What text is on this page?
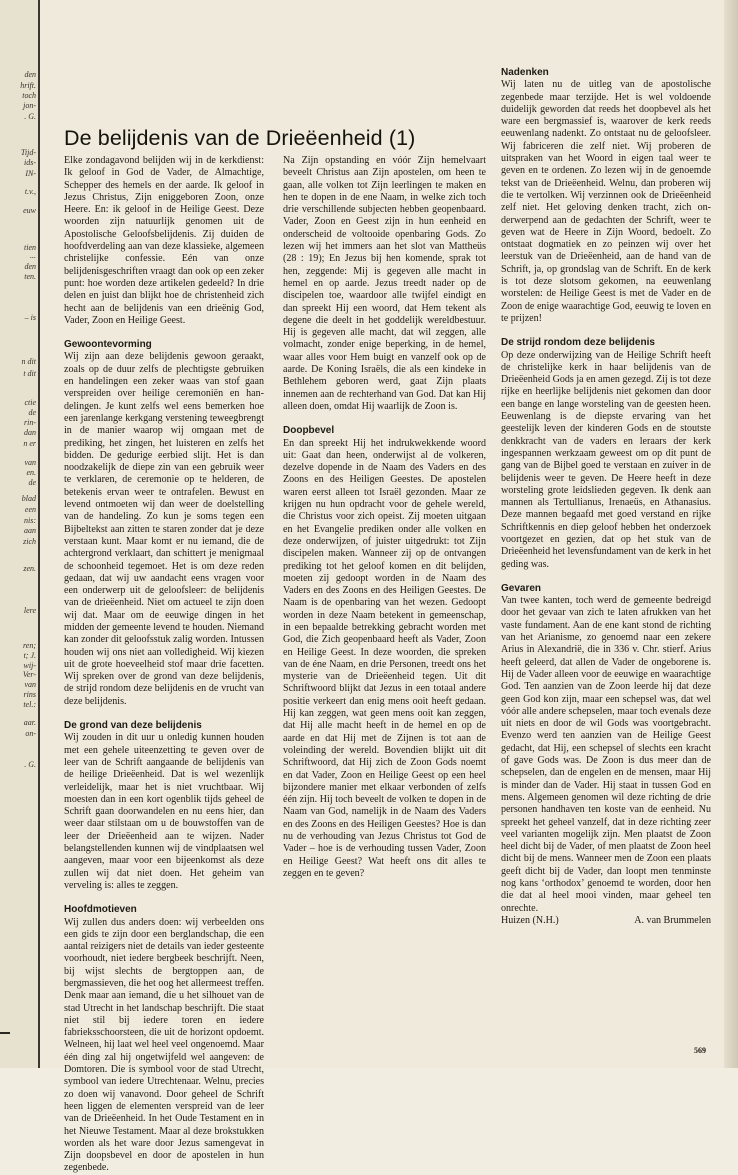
den
hrift.
toch
jon-
. G.
Tijd-
ids-
IN-
t.v.,
euw
tien
...
den
ten.
– is
n dit
t dit
ctie
de
rin-
dan
n er
van
en.
de
blad
een
nis:
aan
zich
zen.
lere
ren;
t; J.
wij-
Ver-
van
rins
tel.:
aar.
on-
. G.
De belijdenis van de Drieëenheid (1)

Elke zondagavond belijden wij in de kerkdienst: Ik geloof in God de Vader, de Almachtige, Schepper des hemels en der aarde. Ik geloof in Jezus Christus, Zijn eniggeboren Zoon, onze Heere. En: ik geloof in de Heilige Geest. Deze woorden zijn natuurlijk genomen uit de Apostolische Geloofsbelijdenis. Zij duiden de hoofdverdeling aan van deze klassieke, algemeen christelijke confessie. Eén van onze belijdenisgeschriften vraagt dan ook op een zeker punt: hoe worden deze artikelen gedeeld? In drie delen en juist dan blijkt hoe de christenheid zich hecht aan de belijdenis van een drieënig God, Vader, Zoon en Heilige Geest.

Gewoontevorming

Wij zijn aan deze belijdenis gewoon geraakt, zoals op de duur zelfs de plechtigste gebruiken en handelingen een zeker waas van stof gaan verspreiden over heilige ceremoniën en handelingen. Je kunt zelfs wel eens bemerken hoe een jarenlange kerkgang verstening teweegbrengt in de manier waarop wij omgaan met de prediking, het zingen, het luisteren en zelfs het bidden. De gedurige eerbied slijt. Het is dan noodzakelijk de diepe zin van een gebruik weer te verklaren, de ceremonie op te helderen, de betekenis ervan weer te ontrafelen. Bewust en levend ontmoeten wij dan weer de doelstelling van de handeling. Zo kun je soms tegen een Bijbeltekst aan zitten te staren zonder dat je deze verstaan kunt. Maar komt er nu iemand, die de achtergrond verklaart, dan schittert je menigmaal de schoonheid tegemoet. Het is om deze reden gedaan, dat wij uw aandacht eens vragen voor een onderwerp uit de geloofsleer: de belijdenis van de drieëenheid. Niet om actueel te zijn doen wij dat. Maar om de eeuwige dingen in het midden der gemeente levend te houden. Niemand kan zonder dit geloofsstuk zalig worden. Intussen houden wij ons niet aan volledigheid. Wij kiezen uit de grote hoeveelheid stof maar drie facetten. Wij spreken over de grond van deze belijdenis, de strijd rondom deze belijdenis en de vrucht van deze belijdenis.

De grond van deze belijdenis

Wij zouden in dit uur u onledig kunnen houden met een gehele uiteenzetting te geven over de leer van de Schrift aangaande de belijdenis van de heilige Drieëenheid. Dat is wel wezenlijk verleidelijk, maar het is niet vruchtbaar. Wij moesten dan in een kort ogenblik tijds geheel de Schrift gaan doorwandelen en nu eens hier, dan weer daar stilstaan om u de bouwstoffen van de leer der Drieëenheid aan te wijzen. Nader belangstellenden kunnen wij de vindplaatsen wel aangeven, maar voor een bijeenkomst als deze zullen wij dat niet doen. Het geheim van verveling is: alles te zeggen.

Hoofdmotieven

Wij zullen dus anders doen: wij verbeelden ons een gids te zijn door een berglandschap, die een aantal reizigers niet de details van ieder gesteente voorhoudt, niet iedere bergbeek beschrijft. Neen, bij wijst slechts de bergtoppen aan, de bergmassieven, die het oog het allermeest treffen. Denk maar aan iemand, die u het silhouet van de stad Utrecht in het landschap beschrijft. Die staat niet stil bij iedere toren en iedere fabrieksschoorsteen, die uit de horizont opdoemt. Welneen, hij laat wel heel veel ongenoemd. Maar één ding zal hij ongetwijfeld wel aangeven: de Domtoren. Die is symbool voor de stad Utrecht, symbool van iedere Utrechtenaar. Welnu, precies zo doen wij vanavond. Door geheel de Schrift heen liggen de elementen verspreid van de leer van de Drieëenheid. In het Oude Testament en in het Nieuwe Testament. Maar al deze brokstukken worden als het ware door Jezus samengevat in Zijn doopsbevel en door de apostelen in hun zegenbede.

Na Zijn opstanding en vóór Zijn hemelvaart beveelt Christus aan Zijn apostelen, om heen te gaan, alle volken tot Zijn leerlingen te maken en hen te dopen in de ene Naam, in welke zich toch drie verschillende subjecten hebben geopenbaard. Vader, Zoon en Geest zijn in hun eenheid en onderscheid de voltooide openbaring Gods. Zo lezen wij het immers aan het slot van Mattheüs (28 : 19); En Jezus bij hen komende, sprak tot hen, zeggende: Mij is gegeven alle macht in hemel en op aarde. Jezus treedt nader op de discipelen toe, waardoor alle twijfel eindigt en dan spreekt Hij een woord, dat Hem tekent als degene die deelt in het goddelijk wereldbestuur. Hij is gegeven alle macht, dat wil zeggen, alle volmacht, zonder enige beperking, in de hemel, waar alles voor Hem buigt en vanzelf ook op de aarde. De Koning Israëls, die als een kindeke in Bethlehem geboren werd, gaat Zijn plaats innemen aan de rechterhand van God. Dat kan Hij alleen doen, omdat Hij waarlijk de Zoon is.

Doopbevel

En dan spreekt Hij het indrukwekkende woord uit: Gaat dan heen, onderwijst al de volkeren, dezelve dopende in de Naam des Vaders en des Zoons en des Heiligen Geestes. De apostelen waren eerst alleen tot Israël gezonden. Maar ze krijgen nu hun opdracht voor de gehele wereld, die Christus voor zich opeist. Zij moeten uitgaan en het Evangelie prediken onder alle volken en deze onderwijzen, of juister uitgedrukt: tot Zijn discipelen maken. Wanneer zij op de ontvangen prediking tot het geloof komen en dit belijden, moeten zij gedoopt worden in de Naam des Vaders en des Zoons en des Heiligen Geestes. De Naam is de openbaring van het wezen. Gedoopt worden in deze Naam betekent in gemeenschap, in een bepaalde betrekking gebracht worden met God, die Zich geopenbaard heeft als Vader, Zoon en Heilige Geest. In deze woorden, die spreken van de éne Naam, en drie Personen, treedt ons het mysterie van de Drieëenheid tegen. Uit dit Schriftwoord blijkt dat Jezus in een totaal andere positie verkeert dan enig mens ooit heeft gedaan. Hij kan zeggen, wat geen mens ooit kan zeggen, dat Hij alle macht heeft in de hemel en op de aarde en dat Hij met de Zijnen is tot aan de voleinding der wereld. Bovendien blijkt uit dit Schriftwoord, dat Hij zich de Zoon Gods noemt en dat Vader, Zoon en Heilige Geest op een heel bijzondere manier met elkaar verbonden of zelfs één zijn. Hij toch beveelt de volken te dopen in de Naam van God, namelijk in de Naam des Vaders en des Zoons en des Heiligen Geestes? Hoe is dan nu de verhouding van Jezus Christus tot God de Vader – hoe is de verhouding tussen Vader, Zoon en Heilige Geest? Wat heeft ons dit alles te zeggen en te geven?

Nadenken

Wij laten nu de uitleg van de apostolische zegenbede maar terzijde. Het is wel voldoende duidelijk geworden dat reeds het doopbevel als het ware een bergmassief is, waarover de kerk reeds eeuwenlang nadenkt. Zo ontstaat nu de geloofsleer. Wij fabriceren die zelf niet. Wij proberen de uitspraken van het Woord in eigen taal weer te geven en te ordenen. Zo lezen wij in de genoemde tekst van de Drieëenheid. Welnu, dan proberen wij die te vertolken. Wij verzinnen ook de Drieëenheid zelf niet. Het geloving denken tracht, zich onderwerpend aan de gedachten der Schrift, weer te geven wat de Heere in Zijn Woord, bedoelt. Zo ontstaat dogmatiek en zo peinzen wij over het leerstuk van de Drieëenheid, aan de hand van de Schrift, ja, op grondslag van de Schrift. En de kerk is tot deze slotsom gekomen, na eeuwenlang worstelen: de Heilige Geest is met de Vader en de Zoon de enige waarachtige God, eeuwig te loven en te prijzen!

De strijd rondom deze belijdenis

Op deze onderwijzing van de Heilige Schrift heeft de christelijke kerk in haar belijdenis van de Drieëenheid Gods ja en amen gezegd. Zij is tot deze rijke en heerlijke belijdenis niet gekomen dan door een bange en lange worsteling van de geesten heen. Eeuwenlang is de diepste ervaring van het geestelijk leven der kinderen Gods en de stoutste denkkracht van de vaders en leraars der kerk ingespannen werkzaam geweest om op dit punt de gang van de Bijbel goed te verstaan en zuiver in de belijdenis weer te geven. De Heere heeft in deze worsteling grote leidslieden gegeven. Ik denk aan mannen als Tertullianus, Irenaeüs, en Athanasius. Deze mannen begaafd met goed verstand en rijke Schriftkennis en diep geloof hebben het onderzoek voortgezet en gezien, dat op het stuk van de Drieëenheid het levensfundament van de kerk in het geding was.

Gevaren

Van twee kanten, toch werd de gemeente bedreigd door het gevaar van zich te laten afrukken van het vaste fundament. Aan de ene kant stond de richting van het Arianisme, zo genoemd naar een zekere Arius in Alexandrië, die in 336 v. Chr. stierf. Arius heeft geleerd, dat allen de Vader de ongeborene is. Hij de Vader alleen voor de eeuwige en waarachtige God. Ten aanzien van de Zoon leerde hij dat deze geen God kon zijn, maar een schepsel was, dat wel vóór alle andere schepselen, maar toch evenals deze uit niets en door de wil Gods was voortgebracht. Evenzo werd ten aanzien van de Heilige Geest gedacht, dat Hij, een schepsel of slechts een kracht of gave Gods was. De Zoon is dus meer dan de schepselen, dan de engelen en de mensen, maar Hij is minder dan de Vader. Hij staat in tussen God en mens. Algemeen genomen wil deze richting de drie personen handhaven ten koste van de eenheid. Nu spreekt het geheel vanzelf, dat in deze richting zeer veel varianten mogelijk zijn. Men plaatst de Zoon heel dicht bij de Vader, of men plaatst de Zoon heel dicht bij de mens. Wanneer men de Zoon een plaats geeft dicht bij de Vader, dan loopt men tenminste nog kans ‘orthodox’ genoemd te worden, door hen die dat al heel mooi vinden, maar geheel ten onrechte.

Huizen (N.H.)	A. van Brummelen
569
